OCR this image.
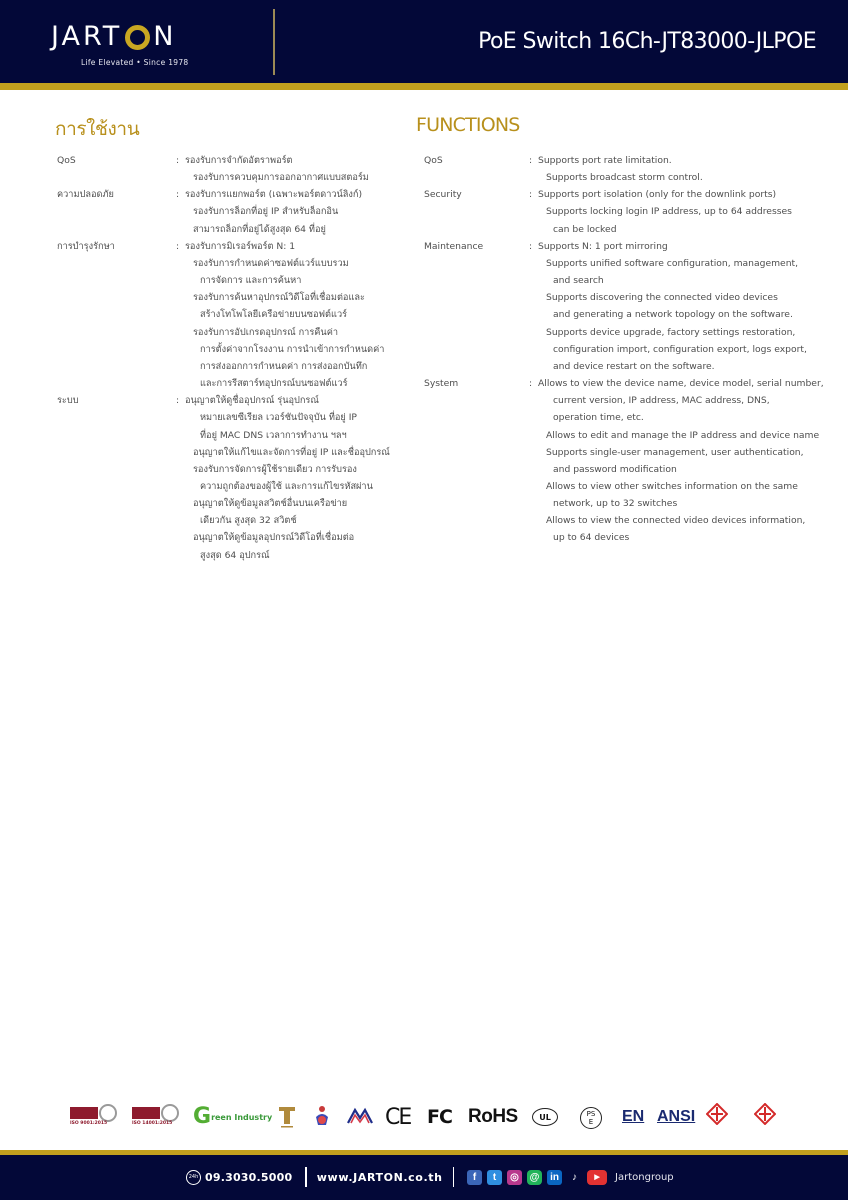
JART N
Life Elevated • Since 1978
PoE Switch 16Ch-JT83000-JLPOE
การใช้งาน
QoS	: รองรับการจำกัดอัตราพอร์ต
รองรับการควบคุมการออกอากาศแบบสตอร์ม
ความปลอดภัย	: รองรับการแยกพอร์ต (เฉพาะพอร์ตดาวน์ลิงก์)
รองรับการล็อกที่อยู่ IP สำหรับล็อกอิน
สามารถล็อกที่อยู่ได้สูงสุด 64 ที่อยู่
การบำรุงรักษา	: รองรับการมิเรอร์พอร์ต N: 1
รองรับการกำหนดค่าซอฟต์แวร์แบบรวม
การจัดการ และการค้นหา
รองรับการค้นหาอุปกรณ์วิดีโอที่เชื่อมต่อและ
สร้างโทโพโลยีเครือข่ายบนซอฟต์แวร์
รองรับการอัปเกรดอุปกรณ์ การคืนค่า
การตั้งค่าจากโรงงาน การนำเข้าการกำหนดค่า
การส่งออกการกำหนดค่า การส่งออกบันทึก
และการรีสตาร์ทอุปกรณ์บนซอฟต์แวร์
ระบบ	: อนุญาตให้ดูชื่ออุปกรณ์ รุ่นอุปกรณ์
หมายเลขซีเรียล เวอร์ชันปัจจุบัน ที่อยู่ IP
ที่อยู่ MAC DNS เวลาการทำงาน ฯลฯ
อนุญาตให้แก้ไขและจัดการที่อยู่ IP และชื่ออุปกรณ์
รองรับการจัดการผู้ใช้รายเดียว การรับรอง
ความถูกต้องของผู้ใช้ และการแก้ไขรหัสผ่าน
อนุญาตให้ดูข้อมูลสวิตช์อื่นบนเครือข่าย
เดียวกัน สูงสุด 32 สวิตช์
อนุญาตให้ดูข้อมูลอุปกรณ์วิดีโอที่เชื่อมต่อ
สูงสุด 64 อุปกรณ์
FUNCTIONS
QoS	: Supports port rate limitation.
Supports broadcast storm control.
Security	: Supports port isolation (only for the downlink ports)
Supports locking login IP address, up to 64 addresses
can be locked
Maintenance	: Supports N: 1 port mirroring
Supports unified software configuration, management,
and search
Supports discovering the connected video devices
and generating a network topology on the software.
Supports device upgrade, factory settings restoration,
configuration import, configuration export, logs export,
and device restart on the software.
System	: Allows to view the device name, device model, serial number,
current version, IP address, MAC address, DNS,
operation time, etc.
Allows to edit and manage the IP address and device name
Supports single-user management, user authentication,
and password modification
Allows to view other switches information on the same
network, up to 32 switches
Allows to view the connected video devices information,
up to 64 devices
ISO 9001:2015	ISO 14001:2015 G reen Industry	CE FC RoHS	UL	PS
E EN ANSI
24h 09.3030.5000 www.JARTON.co.th	f	t	◎	@	in	♪	▶	Jartongroup
